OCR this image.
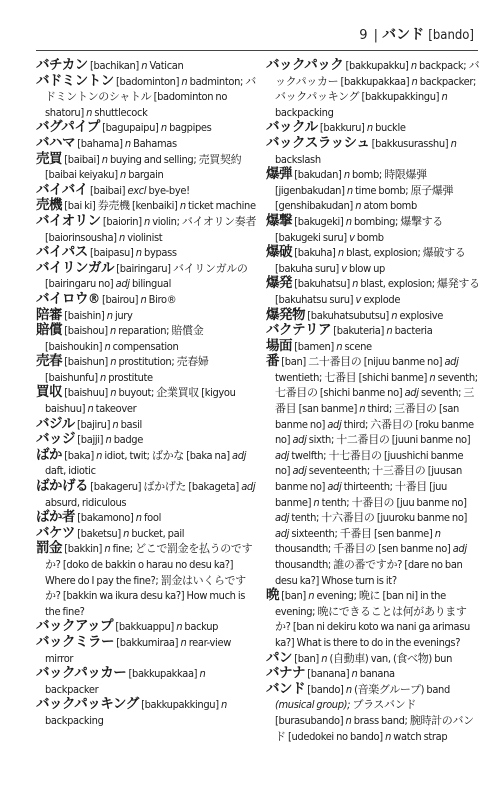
9 | バンド [bando]

バチカン [bachikan] n Vatican

バドミントン [badominton] n badminton; バドミントンのシャトル [badominton no shatoru] n shuttlecock

バグパイプ [bagupaipu] n bagpipes

バハマ [bahama] n Bahamas

売買 [baibai] n buying and selling; 売買契約 [baibai keiyaku] n bargain

バイバイ [baibai] excl bye-bye!

売機 [bai ki] 券売機 [kenbaiki] n ticket machine

バイオリン [baiorin] n violin; バイオリン奏者 [baiorinsousha] n violinist

バイパス [baipasu] n bypass

バイリンガル [bairingaru] バイリンガルの [bairingaru no] adj bilingual

バイロウ® [bairou] n Biro®

陪審 [baishin] n jury

賠償 [baishou] n reparation; 賠償金 [baishoukin] n compensation

売春 [baishun] n prostitution; 売春婦 [baishunfu] n prostitute

買収 [baishuu] n buyout; 企業買収 [kigyou baishuu] n takeover

バジル [bajiru] n basil

バッジ [bajji] n badge

ばか [baka] n idiot, twit; ばかな [baka na] adj daft, idiotic

ばかげる [bakageru] ばかげた [bakageta] adj absurd, ridiculous

ばか者 [bakamono] n fool

バケツ [baketsu] n bucket, pail

罰金 [bakkin] n fine; どこで罰金を払うのですか? [doko de bakkin o harau no desu ka?] Where do I pay the fine?; 罰金はいくらですか? [bakkin wa ikura desu ka?] How much is the fine?

バックアップ [bakkuappu] n backup

バックミラー [bakkumiraa] n rear-view mirror

バックパッカー [bakkupakkaa] n backpacker

バックパッキング [bakkupakkingu] n backpacking

バックパック [bakkupakku] n backpack; バックパッカー [bakkupakkaa] n backpacker; バックパッキング [bakkupakkingu] n backpacking

バックル [bakkuru] n buckle

バックスラッシュ [bakkusurasshu] n backslash

爆弾 [bakudan] n bomb; 時限爆弾 [jigenbakudan] n time bomb; 原子爆弾 [genshibakudan] n atom bomb

爆撃 [bakugeki] n bombing; 爆撃する [bakugeki suru] v bomb

爆破 [bakuha] n blast, explosion; 爆破する [bakuha suru] v blow up

爆発 [bakuhatsu] n blast, explosion; 爆発する [bakuhatsu suru] v explode

爆発物 [bakuhatsubutsu] n explosive

バクテリア [bakuteria] n bacteria

場面 [bamen] n scene

番 [ban] 二十番目の [nijuu banme no] adj twentieth; 七番目 [shichi banme] n seventh; 七番目の [shichi banme no] adj seventh; 三番目 [san banme] n third; 三番目の [san banme no] adj third; 六番目の [roku banme no] adj sixth; 十二番目の [juuni banme no] adj twelfth; 十七番目の [juushichi banme no] adj seventeenth; 十三番目の [juusan banme no] adj thirteenth; 十番目 [juu banme] n tenth; 十番目の [juu banme no] adj tenth; 十六番目の [juuroku banme no] adj sixteenth; 千番目 [sen banme] n thousandth; 千番目の [sen banme no] adj thousandth; 誰の番ですか? [dare no ban desu ka?] Whose turn is it?

晩 [ban] n evening; 晩に [ban ni] in the evening; 晩にできることは何がありますか? [ban ni dekiru koto wa nani ga arimasu ka?] What is there to do in the evenings?

パン [ban] n (自動車) van, (食べ物) bun

バナナ [banana] n banana

バンド [bando] n (音楽グループ) band (musical group); ブラスバンド [burasubando] n brass band; 腕時計のバンド [udedokei no bando] n watch strap
